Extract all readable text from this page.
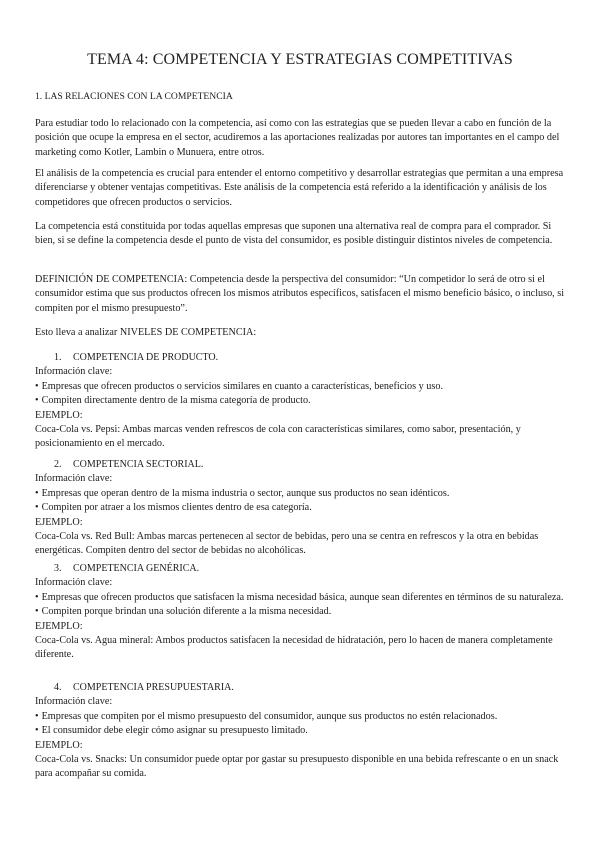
TEMA 4: COMPETENCIA Y ESTRATEGIAS COMPETITIVAS

1. LAS RELACIONES CON LA COMPETENCIA

Para estudiar todo lo relacionado con la competencia, así como con las estrategias que se pueden llevar a cabo en función de la posición que ocupe la empresa en el sector, acudiremos a las aportaciones realizadas por autores tan importantes en el campo del marketing como Kotler, Lambin o Munuera, entre otros.

El análisis de la competencia es crucial para entender el entorno competitivo y desarrollar estrategias que permitan a una empresa diferenciarse y obtener ventajas competitivas. Este análisis de la competencia está referido a la identificación y análisis de los competidores que ofrecen productos o servicios.

La competencia está constituida por todas aquellas empresas que suponen una alternativa real de compra para el comprador. Si bien, si se define la competencia desde el punto de vista del consumidor, es posible distinguir distintos niveles de competencia.

DEFINICIÓN DE COMPETENCIA: Competencia desde la perspectiva del consumidor: “Un competidor lo será de otro si el consumidor estima que sus productos ofrecen los mismos atributos específicos, satisfacen el mismo beneficio básico, o incluso, si compiten por el mismo presupuesto”.

Esto lleva a analizar NIVELES DE COMPETENCIA:

1. COMPETENCIA DE PRODUCTO.

Información clave:

• Empresas que ofrecen productos o servicios similares en cuanto a características, beneficios y uso.

• Compiten directamente dentro de la misma categoría de producto.

EJEMPLO:

Coca-Cola vs. Pepsi: Ambas marcas venden refrescos de cola con características similares, como sabor, presentación, y posicionamiento en el mercado.

2. COMPETENCIA SECTORIAL.

Información clave:

• Empresas que operan dentro de la misma industria o sector, aunque sus productos no sean idénticos.

• Compiten por atraer a los mismos clientes dentro de esa categoría.

EJEMPLO:

Coca-Cola vs. Red Bull: Ambas marcas pertenecen al sector de bebidas, pero una se centra en refrescos y la otra en bebidas energéticas. Compiten dentro del sector de bebidas no alcohólicas.

3. COMPETENCIA GENÉRICA.

Información clave:

• Empresas que ofrecen productos que satisfacen la misma necesidad básica, aunque sean diferentes en términos de su naturaleza.

• Compiten porque brindan una solución diferente a la misma necesidad.

EJEMPLO:

Coca-Cola vs. Agua mineral: Ambos productos satisfacen la necesidad de hidratación, pero lo hacen de manera completamente diferente.

4. COMPETENCIA PRESUPUESTARIA.

Información clave:

• Empresas que compiten por el mismo presupuesto del consumidor, aunque sus productos no estén relacionados.

• El consumidor debe elegir cómo asignar su presupuesto limitado.

EJEMPLO:

Coca-Cola vs. Snacks: Un consumidor puede optar por gastar su presupuesto disponible en una bebida refrescante o en un snack para acompañar su comida.
